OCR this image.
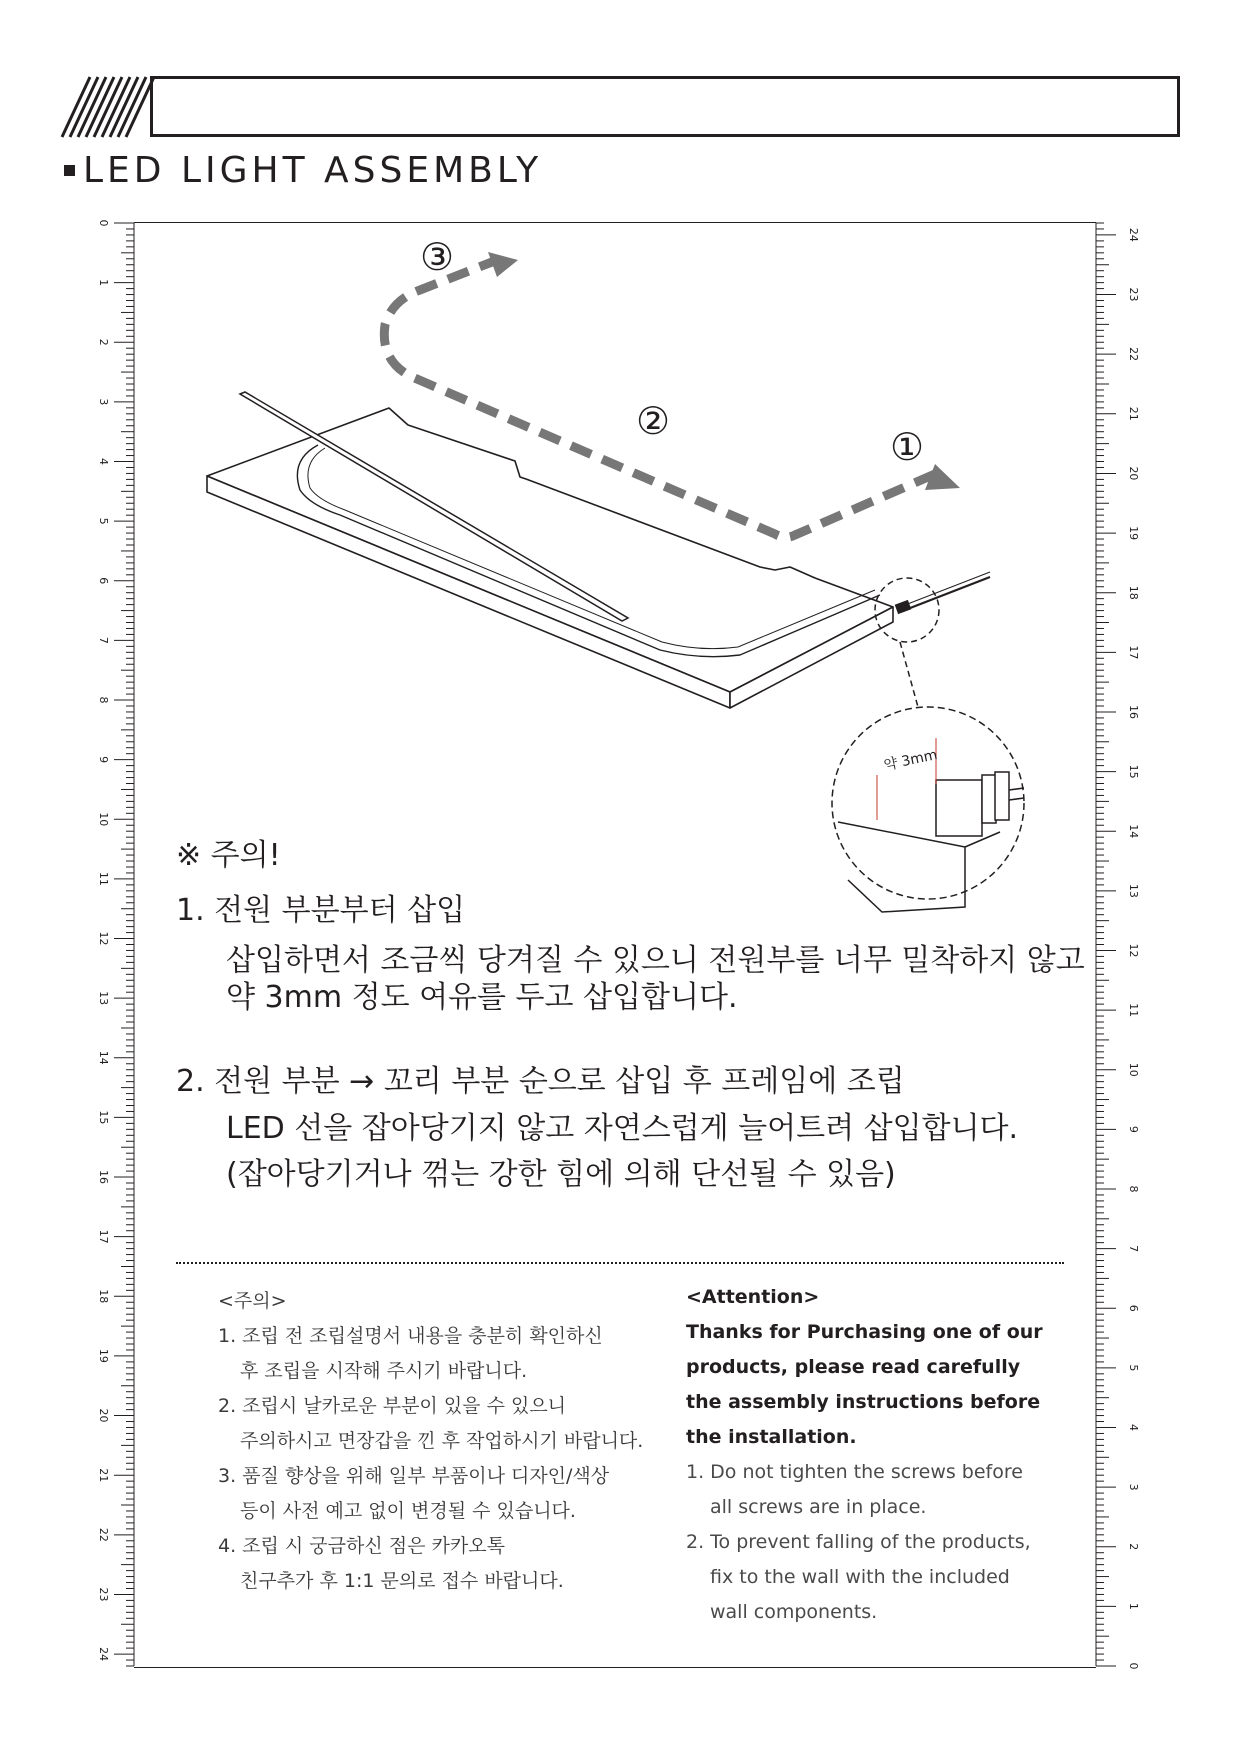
LED LIGHT ASSEMBLY
0
1
2
3
4
5
6
7
8
9
10
11
12
13
14
15
16
17
18
19
20
21
22
23
24
24
23
22
21
20
19
18
17
16
15
14
13
12
11
10
9
8
7
6
5
4
3
2
1
0
약 3mm
③
②
①
※ 주의!
1. 전원 부분부터 삽입
삽입하면서 조금씩 당겨질 수 있으니 전원부를 너무 밀착하지 않고
약 3mm 정도 여유를 두고 삽입합니다.
2. 전원 부분 → 꼬리 부분 순으로 삽입 후 프레임에 조립
LED 선을 잡아당기지 않고 자연스럽게 늘어트려 삽입합니다.
(잡아당기거나 꺾는 강한 힘에 의해 단선될 수 있음)
<주의>
1. 조립 전 조립설명서 내용을 충분히 확인하신
후 조립을 시작해 주시기 바랍니다.
2. 조립시 날카로운 부분이 있을 수 있으니
주의하시고 면장갑을 낀 후 작업하시기 바랍니다.
3. 품질 향상을 위해 일부 부품이나 디자인/색상
등이 사전 예고 없이 변경될 수 있습니다.
4. 조립 시 궁금하신 점은 카카오톡
친구추가 후 1:1 문의로 접수 바랍니다.
<Attention>
Thanks for Purchasing one of our
products, please read carefully
the assembly instructions before
the installation.
1. Do not tighten the screws before
all screws are in place.
2. To prevent falling of the products,
fix to the wall with the included
wall components.
